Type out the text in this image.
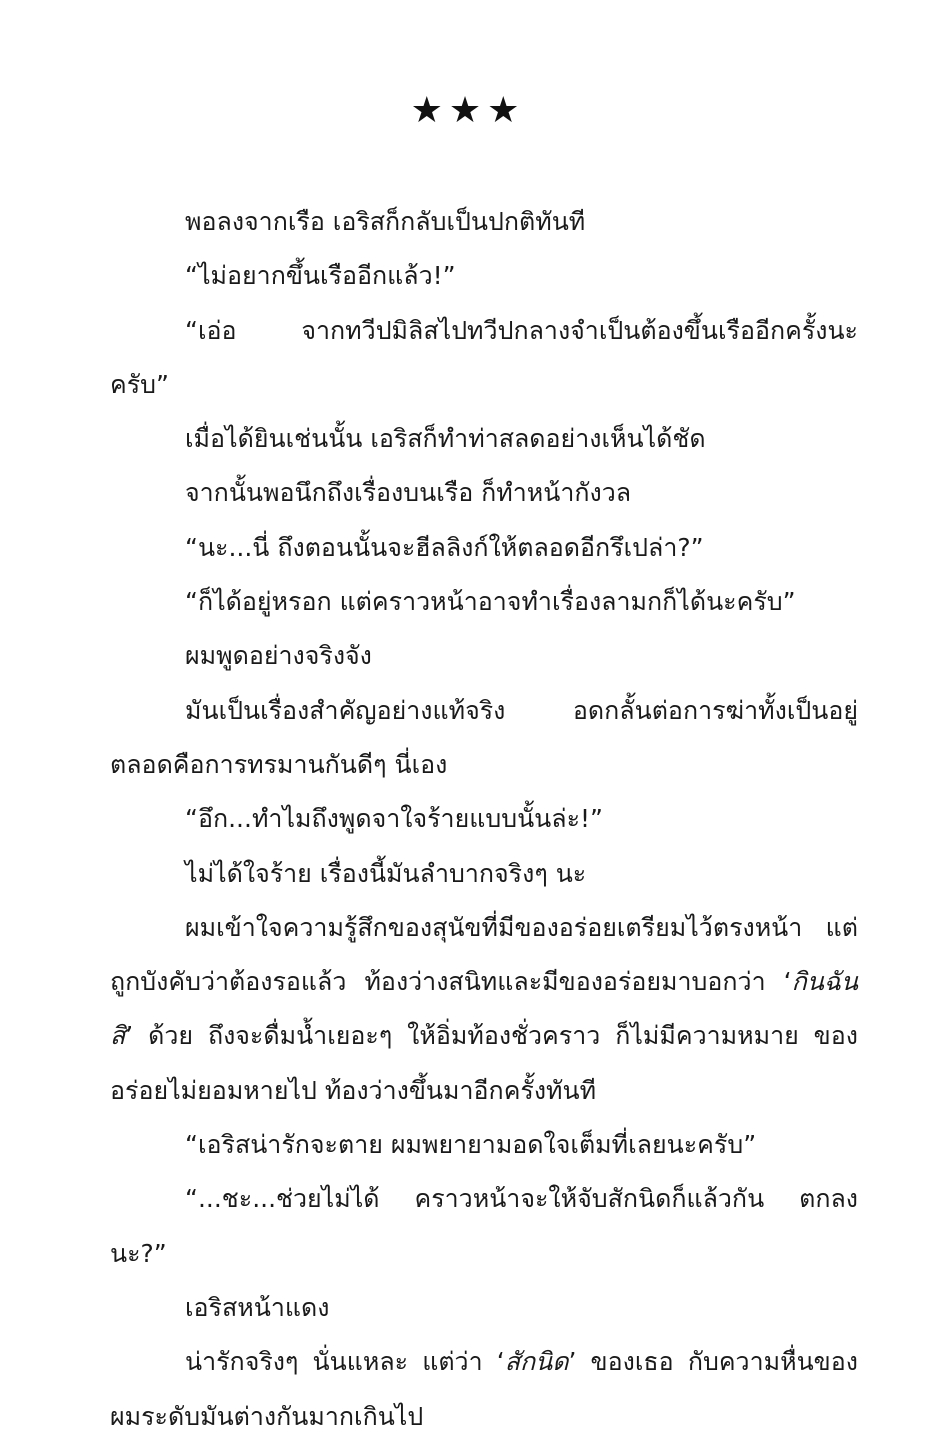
★★★

พอลงจากเรือ เอริสก็กลับเป็นปกติทันที

“ไม่อยากขึ้นเรืออีกแล้ว!”

“เอ่อ จากทวีปมิลิสไปทวีปกลางจำเป็นต้องขึ้นเรืออีกครั้งนะครับ”

เมื่อได้ยินเช่นนั้น เอริสก็ทำท่าสลดอย่างเห็นได้ชัด

จากนั้นพอนึกถึงเรื่องบนเรือ ก็ทำหน้ากังวล

“นะ...นี่ ถึงตอนนั้นจะฮีลลิงก์ให้ตลอดอีกรึเปล่า?”

“ก็ได้อยู่หรอก แต่คราวหน้าอาจทำเรื่องลามกก็ได้นะครับ”

ผมพูดอย่างจริงจัง

มันเป็นเรื่องสำคัญอย่างแท้จริง อดกลั้นต่อการฆ่าทั้งเป็นอยู่ตลอดคือการทรมานกันดีๆ นี่เอง

“อึก...ทำไมถึงพูดจาใจร้ายแบบนั้นล่ะ!”

ไม่ได้ใจร้าย เรื่องนี้มันลำบากจริงๆ นะ

ผมเข้าใจความรู้สึกของสุนัขที่มีของอร่อยเตรียมไว้ตรงหน้า แต่ถูกบังคับว่าต้องรอแล้ว ท้องว่างสนิทและมีของอร่อยมาบอกว่า ‘กินฉันสิ’ ด้วย ถึงจะดื่มน้ำเยอะๆ ให้อิ่มท้องชั่วคราว ก็ไม่มีความหมาย ของอร่อยไม่ยอมหายไป ท้องว่างขึ้นมาอีกครั้งทันที

“เอริสน่ารักจะตาย ผมพยายามอดใจเต็มที่เลยนะครับ”

“...ชะ...ช่วยไม่ได้ คราวหน้าจะให้จับสักนิดก็แล้วกัน ตกลงนะ?”

เอริสหน้าแดง

น่ารักจริงๆ นั่นแหละ แต่ว่า ‘สักนิด’ ของเธอ กับความหื่นของผมระดับมันต่างกันมากเกินไป
